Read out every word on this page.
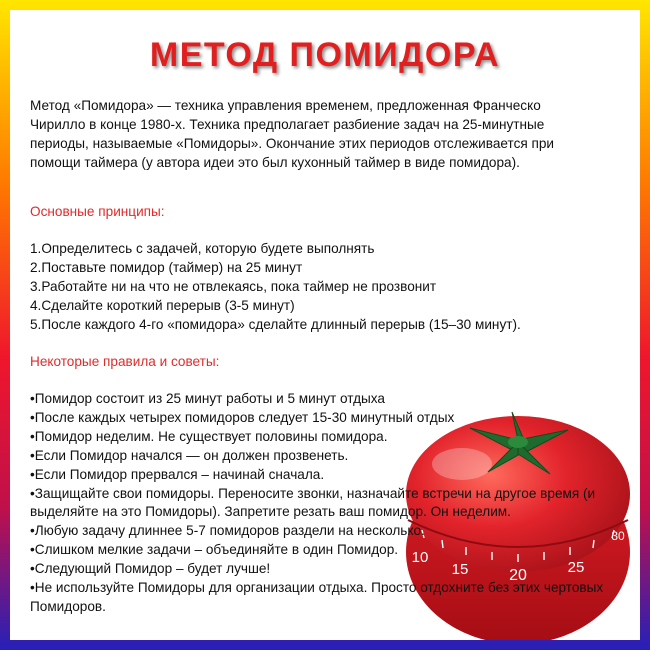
МЕТОД ПОМИДОРА
10
15	20	25
30

Метод «Помидора» — техника управления временем, предложенная Франческо Чирилло в конце 1980-х. Техника предполагает разбиение задач на 25-минутные периоды, называемые «Помидоры». Окончание этих периодов отслеживается при помощи таймера (у автора идеи это был кухонный таймер в виде помидора).

Основные принципы:

1.Определитесь с задачей, которую будете выполнять
2.Поставьте помидор (таймер) на 25 минут
3.Работайте ни на что не отвлекаясь, пока таймер не прозвонит
4.Сделайте короткий перерыв (3-5 минут)
5.После каждого 4-го «помидора» сделайте длинный перерыв (15–30 минут).

Некоторые правила и советы:

•Помидор состоит из 25 минут работы и 5 минут отдыха
•После каждых четырех помидоров следует 15-30 минутный отдых
•Помидор неделим. Не существует половины помидора.
•Если Помидор начался — он должен прозвенеть.
•Если Помидор прервался – начинай сначала.
•Защищайте свои помидоры. Переносите звонки, назначайте встречи на другое время (и выделяйте на это Помидоры). Запретите резать ваш помидор. Он неделим.
•Любую задачу длиннее 5-7 помидоров раздели на несколько.
•Слишком мелкие задачи – объединяйте в один Помидор.
•Следующий Помидор – будет лучше!
•Не используйте Помидоры для организации отдыха. Просто отдохните без этих чертовых Помидоров.
